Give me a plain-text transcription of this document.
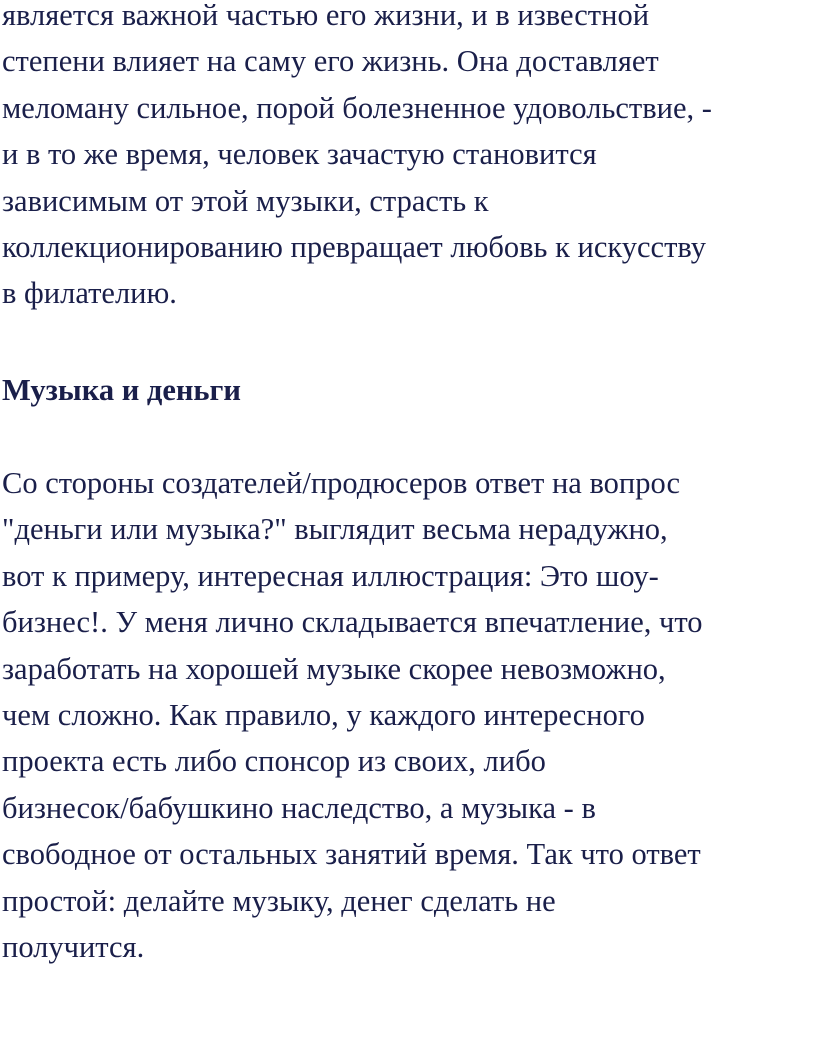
является важной частью его жизни, и в известной
степени влияет на саму его жизнь. Она доставляет
меломану сильное, порой болезненное удовольствие, -
и в то же время, человек зачастую становится
зависимым от этой музыки, страсть к
коллекционированию превращает любовь к искусству
в филателию.

Музыка и деньги

Со стороны создателей/продюсеров ответ на вопрос
"деньги или музыка?" выглядит весьма нерадужно,
вот к примеру, интересная иллюстрация: Это шоу-
бизнес!. У меня лично складывается впечатление, что
заработать на хорошей музыке скорее невозможно,
чем сложно. Как правило, у каждого интересного
проекта есть либо спонсор из своих, либо
бизнесок/бабушкино наследство, а музыка - в
свободное от остальных занятий время. Так что ответ
простой: делайте музыку, денег сделать не
получится.
